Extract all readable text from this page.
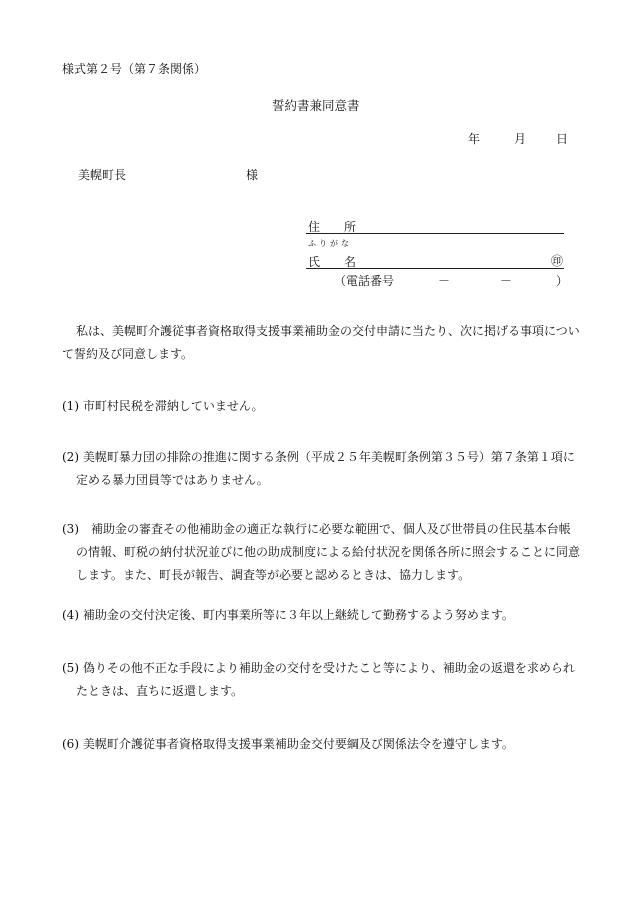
様式第２号（第７条関係）
誓約書兼同意書
年	月 日
美幌町長	様
住 所
ふりがな
氏 名	㊞
（電話番号	－	－	）
私は、美幌町介護従事者資格取得支援事業補助金の交付申請に当たり、次に掲げる事項について誓約及び同意します。
(1) 市町村民税を滞納していません。
(2) 美幌町暴力団の排除の推進に関する条例（平成２５年美幌町条例第３５号）第７条第１項に定める暴力団員等ではありません。
(3)　補助金の審査その他補助金の適正な執行に必要な範囲で、個人及び世帯員の住民基本台帳の情報、町税の納付状況並びに他の助成制度による給付状況を関係各所に照会することに同意します。また、町長が報告、調査等が必要と認めるときは、協力します。
(4) 補助金の交付決定後、町内事業所等に３年以上継続して勤務するよう努めます。
(5) 偽りその他不正な手段により補助金の交付を受けたこと等により、補助金の返還を求められたときは、直ちに返還します。
(6) 美幌町介護従事者資格取得支援事業補助金交付要綱及び関係法令を遵守します。
